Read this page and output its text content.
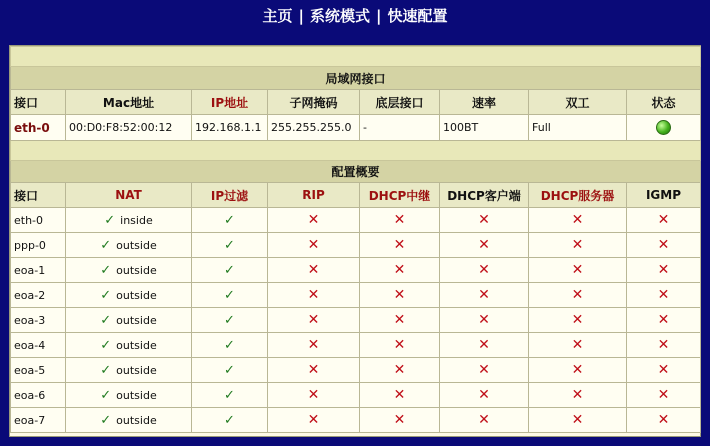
主页 | 系统模式 | 快速配置

局域网接口							
接口	Mac地址	IP地址	子网掩码	底层接口	速率	双工	状态
eth-0	00:D0:F8:52:00:12	192.168.1.1	255.255.255.0	-	100BT	Full	

配置概要							
接口	NAT	IP过滤	RIP	DHCP中继	DHCP客户端	DHCP服务器	IGMP
eth-0	✓ inside	✓	✕	✕	✕	✕	✕
ppp-0	✓ outside	✓	✕	✕	✕	✕	✕
eoa-1	✓ outside	✓	✕	✕	✕	✕	✕
eoa-2	✓ outside	✓	✕	✕	✕	✕	✕
eoa-3	✓ outside	✓	✕	✕	✕	✕	✕
eoa-4	✓ outside	✓	✕	✕	✕	✕	✕
eoa-5	✓ outside	✓	✕	✕	✕	✕	✕
eoa-6	✓ outside	✓	✕	✕	✕	✕	✕
eoa-7	✓ outside	✓	✕	✕	✕	✕	✕
